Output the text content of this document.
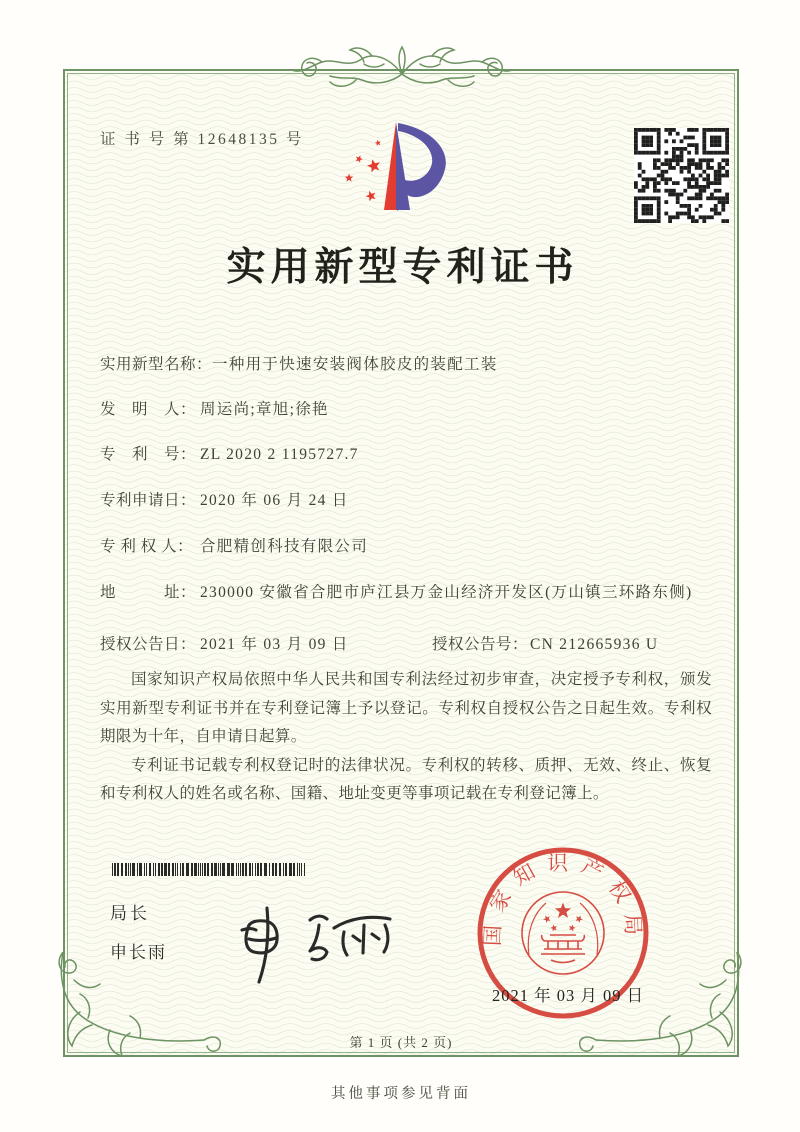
证 书 号 第 12648135 号
实用新型专利证书
实用新型名称：一种用于快速安装阀体胶皮的装配工装
发　明　人： 周运尚;章旭;徐艳
专　利　号： ZL 2020 2 1195727.7
专利申请日： 2020 年 06 月 24 日
专 利 权 人： 合肥精创科技有限公司
地　　　址： 230000 安徽省合肥市庐江县万金山经济开发区(万山镇三环路东侧)
授权公告日： 2021 年 03 月 09 日	授权公告号： CN 212665936 U

国家知识产权局依照中华人民共和国专利法经过初步审查，决定授予专利权，颁发实用新型专利证书并在专利登记簿上予以登记。专利权自授权公告之日起生效。专利权期限为十年，自申请日起算。

专利证书记载专利权登记时的法律状况。专利权的转移、质押、无效、终止、恢复和专利权人的姓名或名称、国籍、地址变更等事项记载在专利登记簿上。

局长
申长雨
国家知识产权局
2021 年 03 月 09 日
第 1 页 (共 2 页)
其他事项参见背面
